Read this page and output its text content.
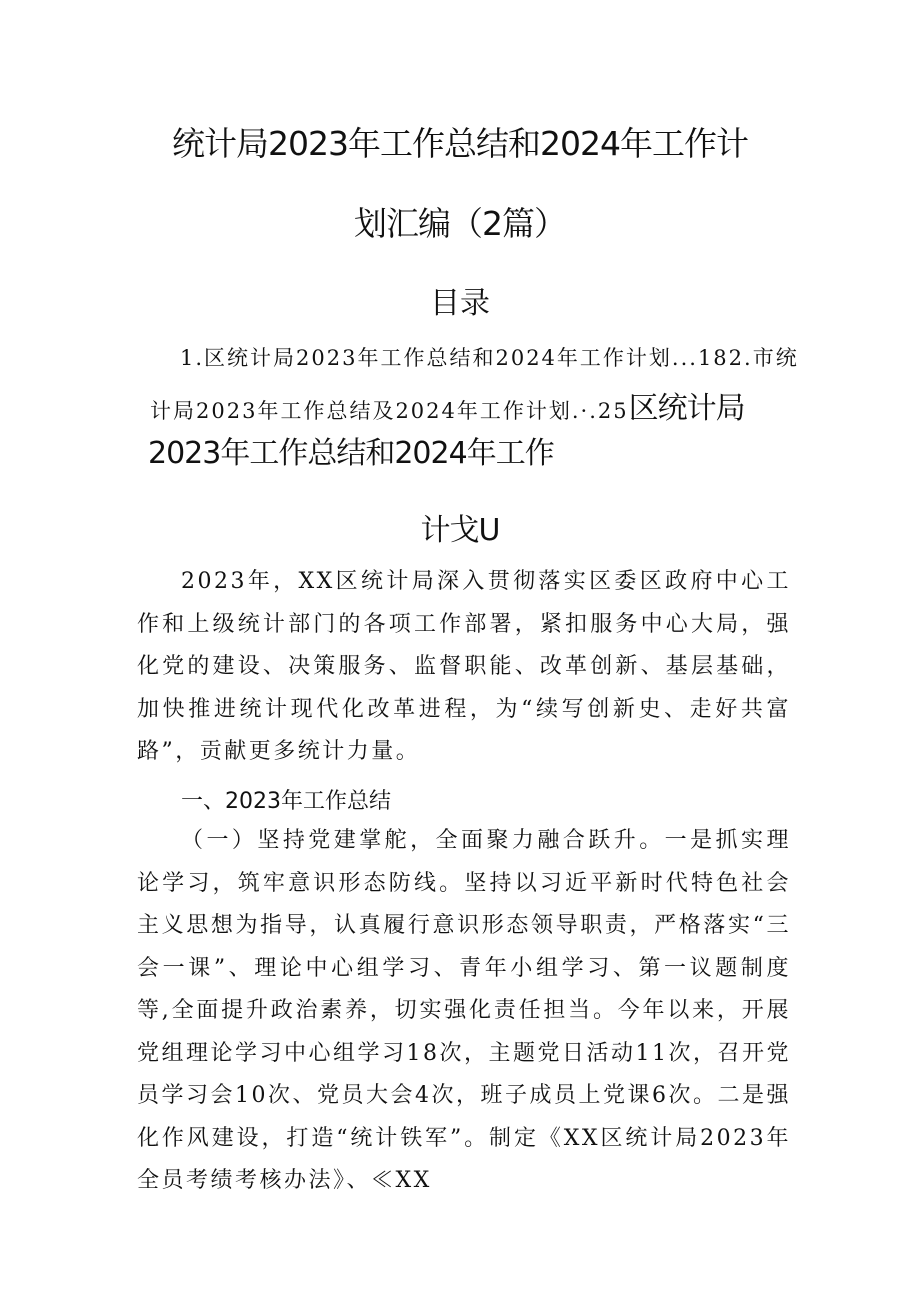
统计局2023年工作总结和2024年工作计
划汇编（2篇）
目录
1.区统计局2023年工作总结和2024年工作计划...182.市统
计局2023年工作总结及2024年工作计划.·.25区统计局
2023年工作总结和2024年工作
计戈U

2023年，XX区统计局深入贯彻落实区委区政府中心工作和上级统计部门的各项工作部署，紧扣服务中心大局，强化党的建设、决策服务、监督职能、改革创新、基层基础，加快推进统计现代化改革进程，为“续写创新史、走好共富路”，贡献更多统计力量。

一、2023年工作总结

（一）坚持党建掌舵，全面聚力融合跃升。一是抓实理论学习，筑牢意识形态防线。坚持以习近平新时代特色社会主义思想为指导，认真履行意识形态领导职责，严格落实“三会一课”、理论中心组学习、青年小组学习、第一议题制度等,全面提升政治素养，切实强化责任担当。今年以来，开展党组理论学习中心组学习18次，主题党日活动11次，召开党员学习会10次、党员大会4次，班子成员上党课6次。二是强化作风建设，打造“统计铁军”。制定《XX区统计局2023年全员考绩考核办法》、≪XX
